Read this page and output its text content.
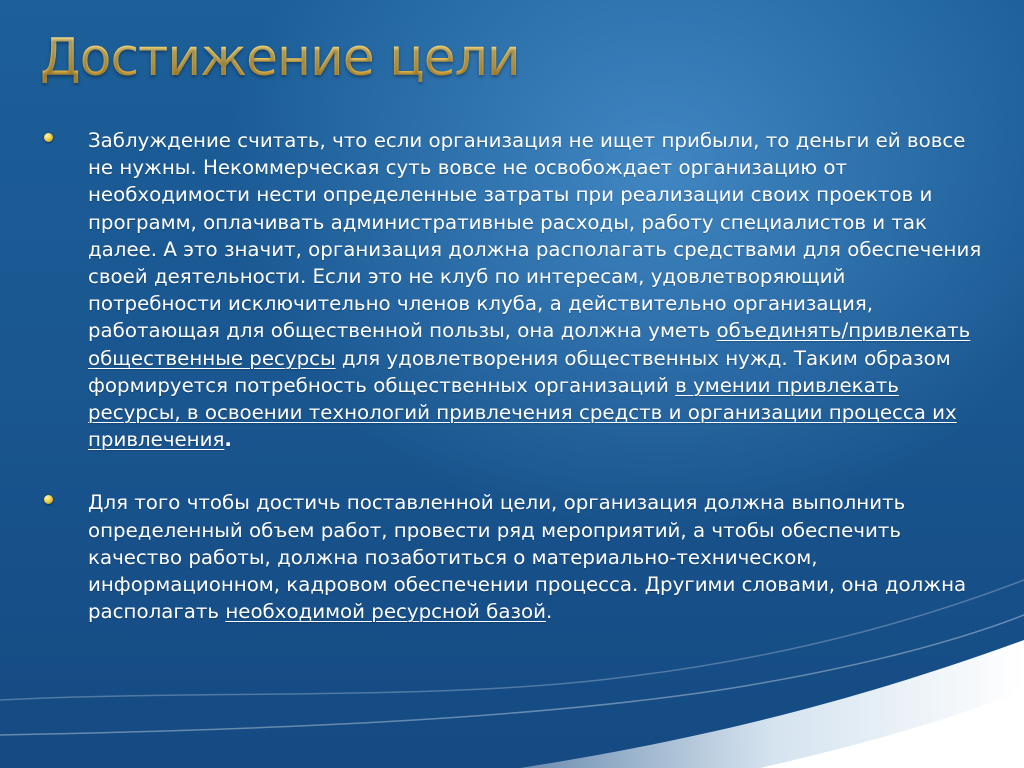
Достижение цели
Заблуждение считать, что если организация не ищет прибыли, то деньги ей вовсе не нужны. Некоммерческая суть вовсе не освобождает организацию от необходимости нести определенные затраты при реализации своих проектов и программ, оплачивать административные расходы, работу специалистов и так далее. А это значит, организация должна располагать средствами для обеспечения своей деятельности. Если это не клуб по интересам, удовлетворяющий потребности исключительно членов клуба, а действительно организация, работающая для общественной пользы, она должна уметь объединять/привлекать общественные ресурсы для удовлетворения общественных нужд. Таким образом формируется потребность общественных организаций в умении привлекать ресурсы, в освоении технологий привлечения средств и организации процесса их привлечения.
Для того чтобы достичь поставленной цели, организация должна выполнить определенный объем работ, провести ряд мероприятий, а чтобы обеспечить качество работы, должна позаботиться о материально-техническом, информационном, кадровом обеспечении процесса. Другими словами, она должна располагать необходимой ресурсной базой.
